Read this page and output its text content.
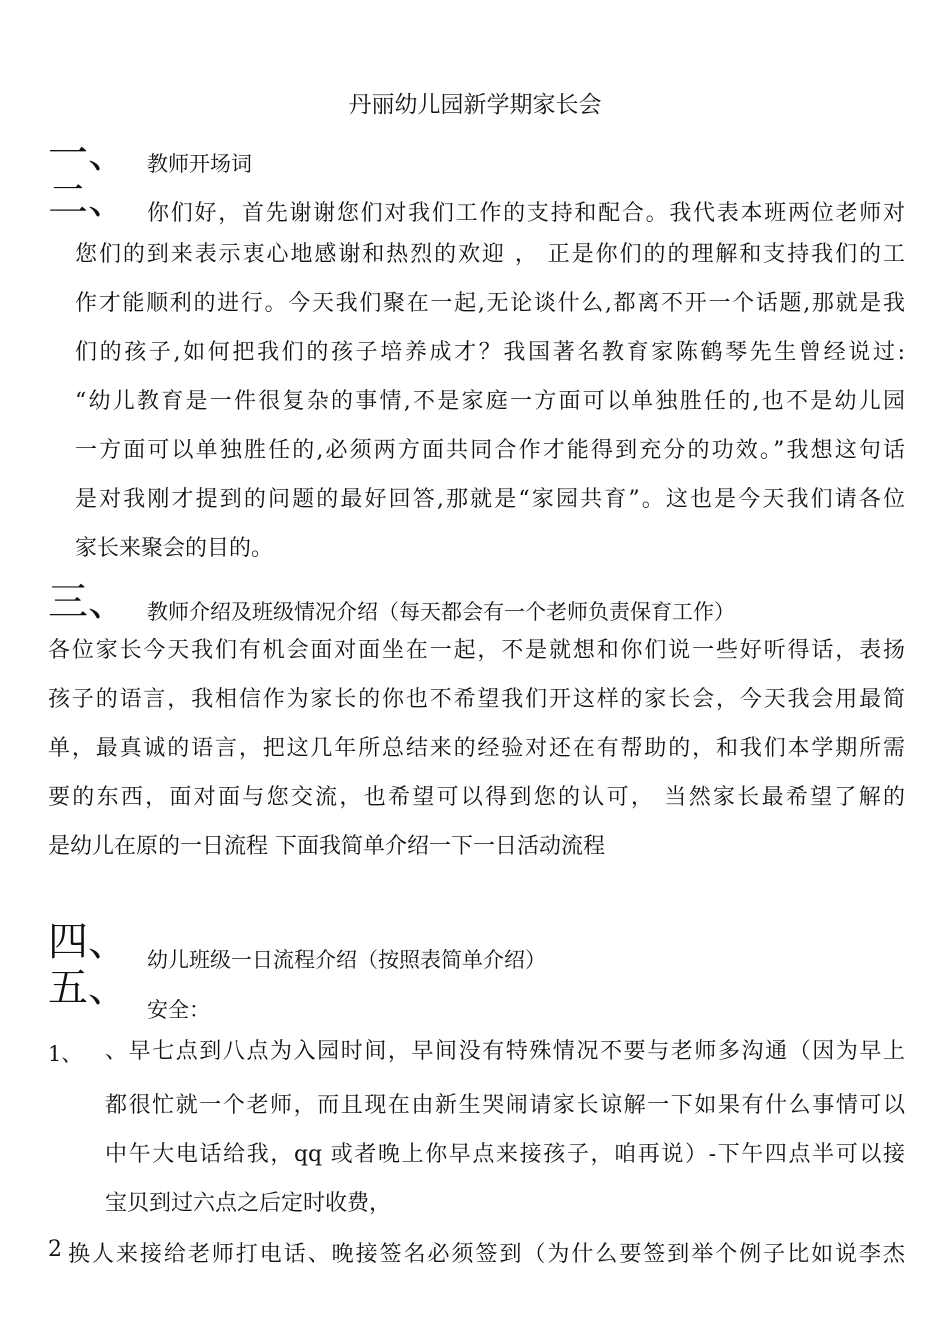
丹丽幼儿园新学期家长会
一、 教师开场词
二、 你们好，首先谢谢您们对我们工作的支持和配合。我代表本班两位老师对
您们的到来表示衷心地感谢和热烈的欢迎 ， 正是你们的的理解和支持我们的工
作才能顺利的进行。今天我们聚在一起,无论谈什么,都离不开一个话题,那就是我
们的孩子,如何把我们的孩子培养成才？我国著名教育家陈鹤琴先生曾经说过:
“幼儿教育是一件很复杂的事情,不是家庭一方面可以单独胜任的,也不是幼儿园
一方面可以单独胜任的,必须两方面共同合作才能得到充分的功效。”我想这句话
是对我刚才提到的问题的最好回答,那就是“家园共育”。这也是今天我们请各位
家长来聚会的目的。
三、 教师介绍及班级情况介绍（每天都会有一个老师负责保育工作）
各位家长今天我们有机会面对面坐在一起，不是就想和你们说一些好听得话，表扬
孩子的语言，我相信作为家长的你也不希望我们开这样的家长会，今天我会用最简
单，最真诚的语言，把这几年所总结来的经验对还在有帮助的，和我们本学期所需
要的东西，面对面与您交流，也希望可以得到您的认可， 当然家长最希望了解的
是幼儿在原的一日流程 下面我简单介绍一下一日活动流程
四、 幼儿班级一日流程介绍（按照表简单介绍）
五、 安全：
1、 、早七点到八点为入园时间，早间没有特殊情况不要与老师多沟通（因为早上
都很忙就一个老师，而且现在由新生哭闹请家长谅解一下如果有什么事情可以
中午大电话给我，qq 或者晚上你早点来接孩子，咱再说）-下午四点半可以接
宝贝到过六点之后定时收费，
2 换人来接给老师打电话、晚接签名必须签到（为什么要签到举个例子比如说李杰
